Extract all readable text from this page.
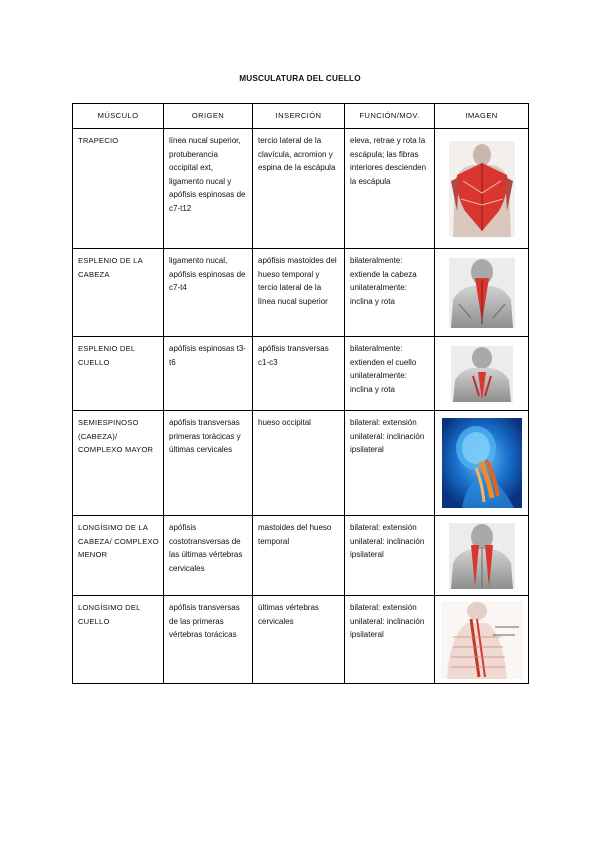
MUSCULATURA DEL CUELLO
MÚSCULO	ORIGEN	INSERCIÓN	FUNCIÓN/MOV.	IMAGEN
TRAPECIO	línea nucal superior, protuberancia occipital ext, ligamento nucal y apófisis espinosas de c7-t12	tercio lateral de la clavícula, acromion y espina de la escápula	eleva, retrae y rota la escápula; las fibras interiores descienden la escápula	

ESPLENIO DE LA CABEZA	ligamento nucal, apófisis espinosas de c7-t4	apófisis mastoides del hueso temporal y tercio lateral de la línea nucal superior	bilateralmente: extiende la cabeza unilateralmente: inclina y rota	

ESPLENIO DEL CUELLO	apófisis espinosas t3-t6	apófisis transversas c1-c3	bilateralmente: extienden el cuello unilateralmente: inclina y rota	

SEMIESPINOSO (CABEZA)/ COMPLEXO MAYOR	apófisis transversas primeras torácicas y últimas cervicales	hueso occipital	bilateral: extensión unilateral: inclinación ipsilateral	

LONGÍSIMO DE LA CABEZA/ COMPLEXO MENOR	apófisis costotransversas de las últimas vértebras cervicales	mastoides del hueso temporal	bilateral: extensión unilateral: inclinación ipsilateral	

LONGÍSIMO DEL CUELLO	apófisis transversas de las primeras vértebras torácicas	últimas vértebras cervicales	bilateral: extensión unilateral: inclinación ipsilateral	
